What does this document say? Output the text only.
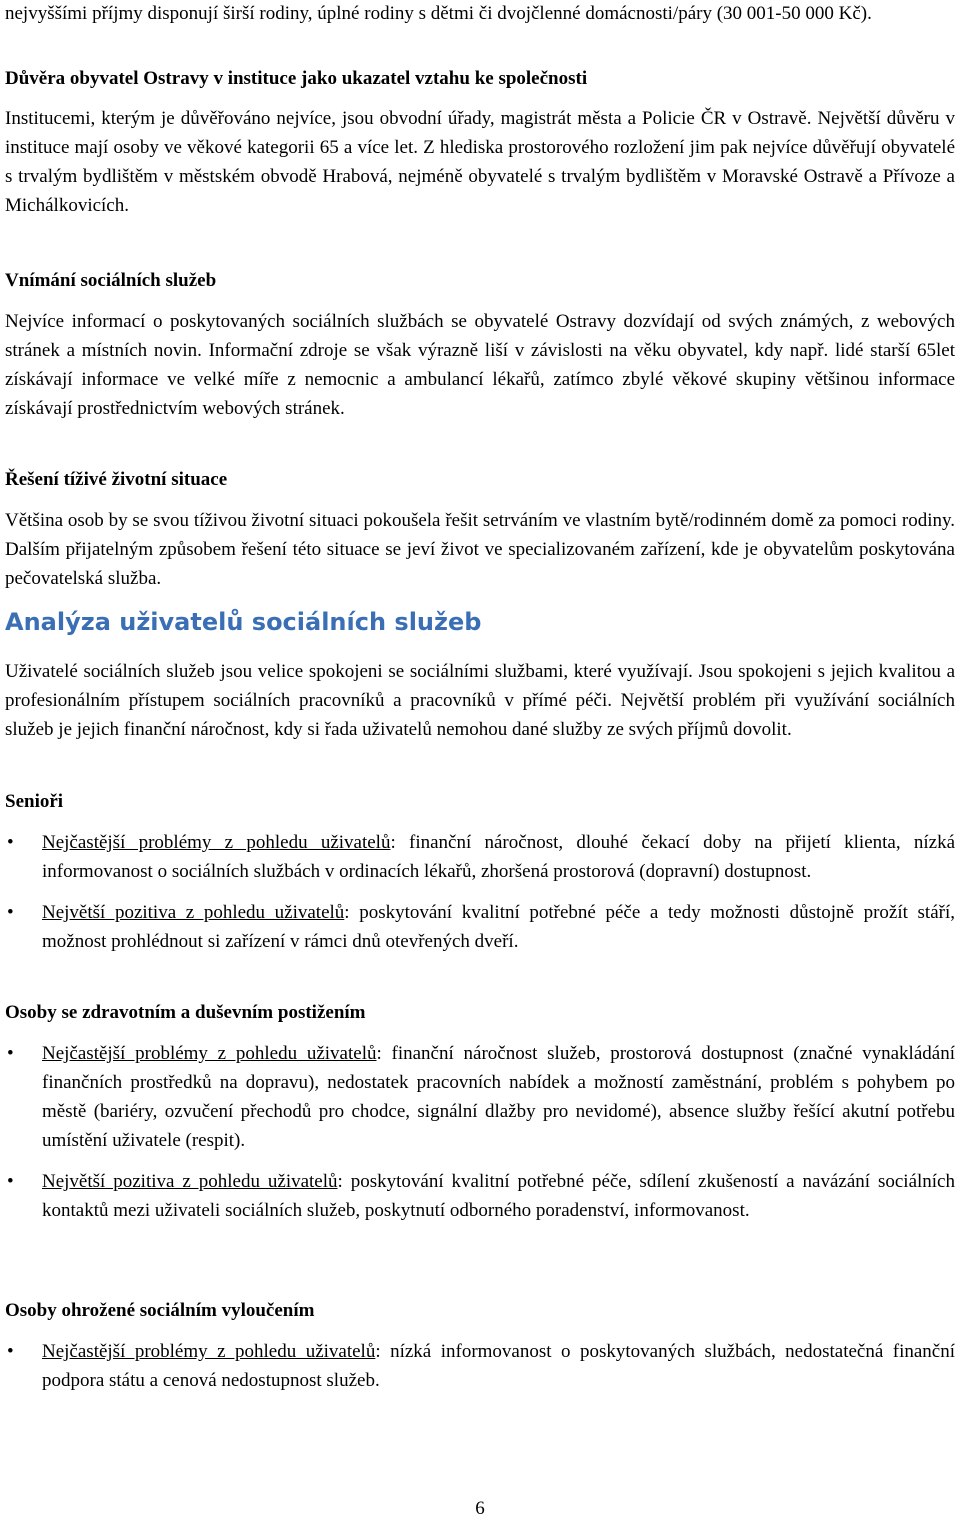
nejvyššími příjmy disponují širší rodiny, úplné rodiny s dětmi či dvojčlenné domácnosti/páry (30 001-50 000 Kč).

Důvěra obyvatel Ostravy v instituce jako ukazatel vztahu ke společnosti

Institucemi, kterým je důvěřováno nejvíce, jsou obvodní úřady, magistrát města a Policie ČR v Ostravě. Největší důvěru v instituce mají osoby ve věkové kategorii 65 a více let. Z hlediska prostorového rozložení jim pak nejvíce důvěřují obyvatelé s trvalým bydlištěm v městském obvodě Hrabová, nejméně obyvatelé s trvalým bydlištěm v Moravské Ostravě a Přívoze a Michálkovicích.

Vnímání sociálních služeb

Nejvíce informací o poskytovaných sociálních službách se obyvatelé Ostravy dozvídají od svých známých, z webových stránek a místních novin. Informační zdroje se však výrazně liší v závislosti na věku obyvatel, kdy např. lidé starší 65let získávají informace ve velké míře z nemocnic a ambulancí lékařů, zatímco zbylé věkové skupiny většinou informace získávají prostřednictvím webových stránek.

Řešení tíživé životní situace

Většina osob by se svou tíživou životní situaci pokoušela řešit setrváním ve vlastním bytě/rodinném domě za pomoci rodiny. Dalším přijatelným způsobem řešení této situace se jeví život ve specializovaném zařízení, kde je obyvatelům poskytována pečovatelská služba.

Analýza uživatelů sociálních služeb

Uživatelé sociálních služeb jsou velice spokojeni se sociálními službami, které využívají. Jsou spokojeni s jejich kvalitou a profesionálním přístupem sociálních pracovníků a pracovníků v přímé péči. Největší problém při využívání sociálních služeb je jejich finanční náročnost, kdy si řada uživatelů nemohou dané služby ze svých příjmů dovolit.

Senioři
• Nejčastější problémy z pohledu uživatelů: finanční náročnost, dlouhé čekací doby na přijetí klienta, nízká informovanost o sociálních službách v ordinacích lékařů, zhoršená prostorová (dopravní) dostupnost.
• Největší pozitiva z pohledu uživatelů: poskytování kvalitní potřebné péče a tedy možnosti důstojně prožít stáří, možnost prohlédnout si zařízení v rámci dnů otevřených dveří.
Osoby se zdravotním a duševním postižením
• Nejčastější problémy z pohledu uživatelů: finanční náročnost služeb, prostorová dostupnost (značné vynakládání finančních prostředků na dopravu), nedostatek pracovních nabídek a možností zaměstnání, problém s pohybem po městě (bariéry, ozvučení přechodů pro chodce, signální dlažby pro nevidomé), absence služby řešící akutní potřebu umístění uživatele (respit).
• Největší pozitiva z pohledu uživatelů: poskytování kvalitní potřebné péče, sdílení zkušeností a navázání sociálních kontaktů mezi uživateli sociálních služeb, poskytnutí odborného poradenství, informovanost.
Osoby ohrožené sociálním vyloučením
• Nejčastější problémy z pohledu uživatelů: nízká informovanost o poskytovaných službách, nedostatečná finanční podpora státu a cenová nedostupnost služeb.
6
